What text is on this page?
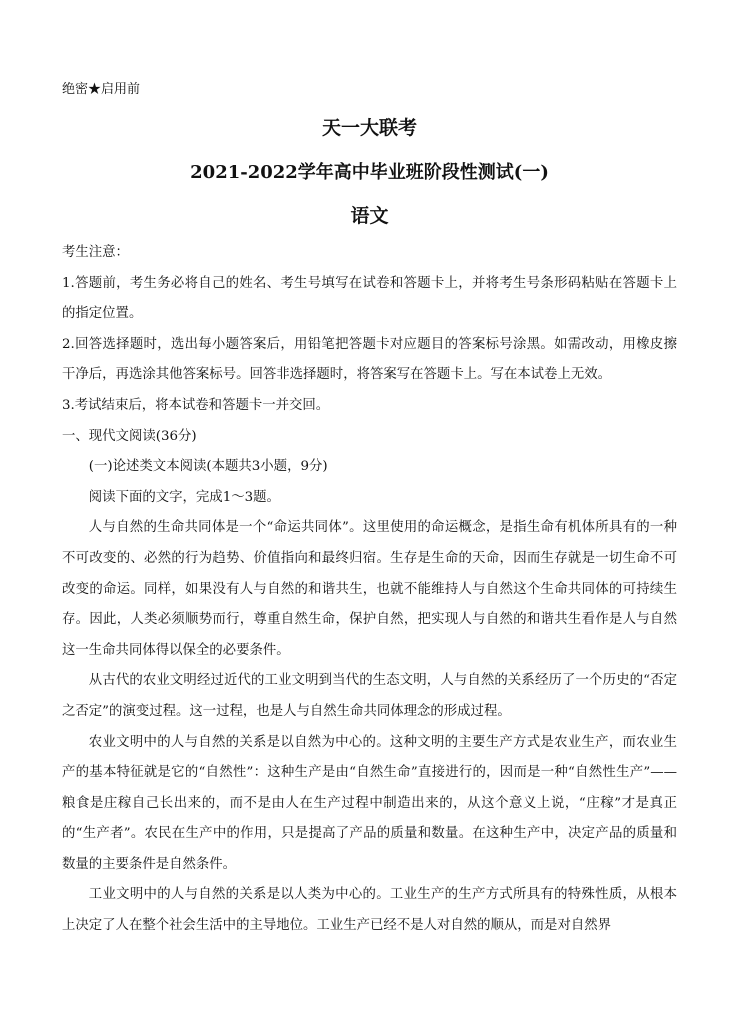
绝密★启用前
天一大联考
2021-2022学年高中毕业班阶段性测试(一)
语文

考生注意：

1.答题前，考生务必将自己的姓名、考生号填写在试卷和答题卡上，并将考生号条形码粘贴在答题卡上的指定位置。

2.回答选择题时，选出每小题答案后，用铅笔把答题卡对应题目的答案标号涂黑。如需改动，用橡皮擦干净后，再选涂其他答案标号。回答非选择题时，将答案写在答题卡上。写在本试卷上无效。

3.考试结束后，将本试卷和答题卡一并交回。

一、现代文阅读(36分)

(一)论述类文本阅读(本题共3小题，9分)

阅读下面的文字，完成1～3题。

人与自然的生命共同体是一个“命运共同体”。这里使用的命运概念，是指生命有机体所具有的一种不可改变的、必然的行为趋势、价值指向和最终归宿。生存是生命的天命，因而生存就是一切生命不可改变的命运。同样，如果没有人与自然的和谐共生，也就不能维持人与自然这个生命共同体的可持续生存。因此，人类必须顺势而行，尊重自然生命，保护自然，把实现人与自然的和谐共生看作是人与自然这一生命共同体得以保全的必要条件。

从古代的农业文明经过近代的工业文明到当代的生态文明，人与自然的关系经历了一个历史的“否定之否定”的演变过程。这一过程，也是人与自然生命共同体理念的形成过程。

农业文明中的人与自然的关系是以自然为中心的。这种文明的主要生产方式是农业生产，而农业生产的基本特征就是它的“自然性”：这种生产是由“自然生命”直接进行的，因而是一种“自然性生产”——粮食是庄稼自己长出来的，而不是由人在生产过程中制造出来的，从这个意义上说，“庄稼”才是真正的“生产者”。农民在生产中的作用，只是提高了产品的质量和数量。在这种生产中，决定产品的质量和数量的主要条件是自然条件。

工业文明中的人与自然的关系是以人类为中心的。工业生产的生产方式所具有的特殊性质，从根本上决定了人在整个社会生活中的主导地位。工业生产已经不是人对自然的顺从，而是对自然界
